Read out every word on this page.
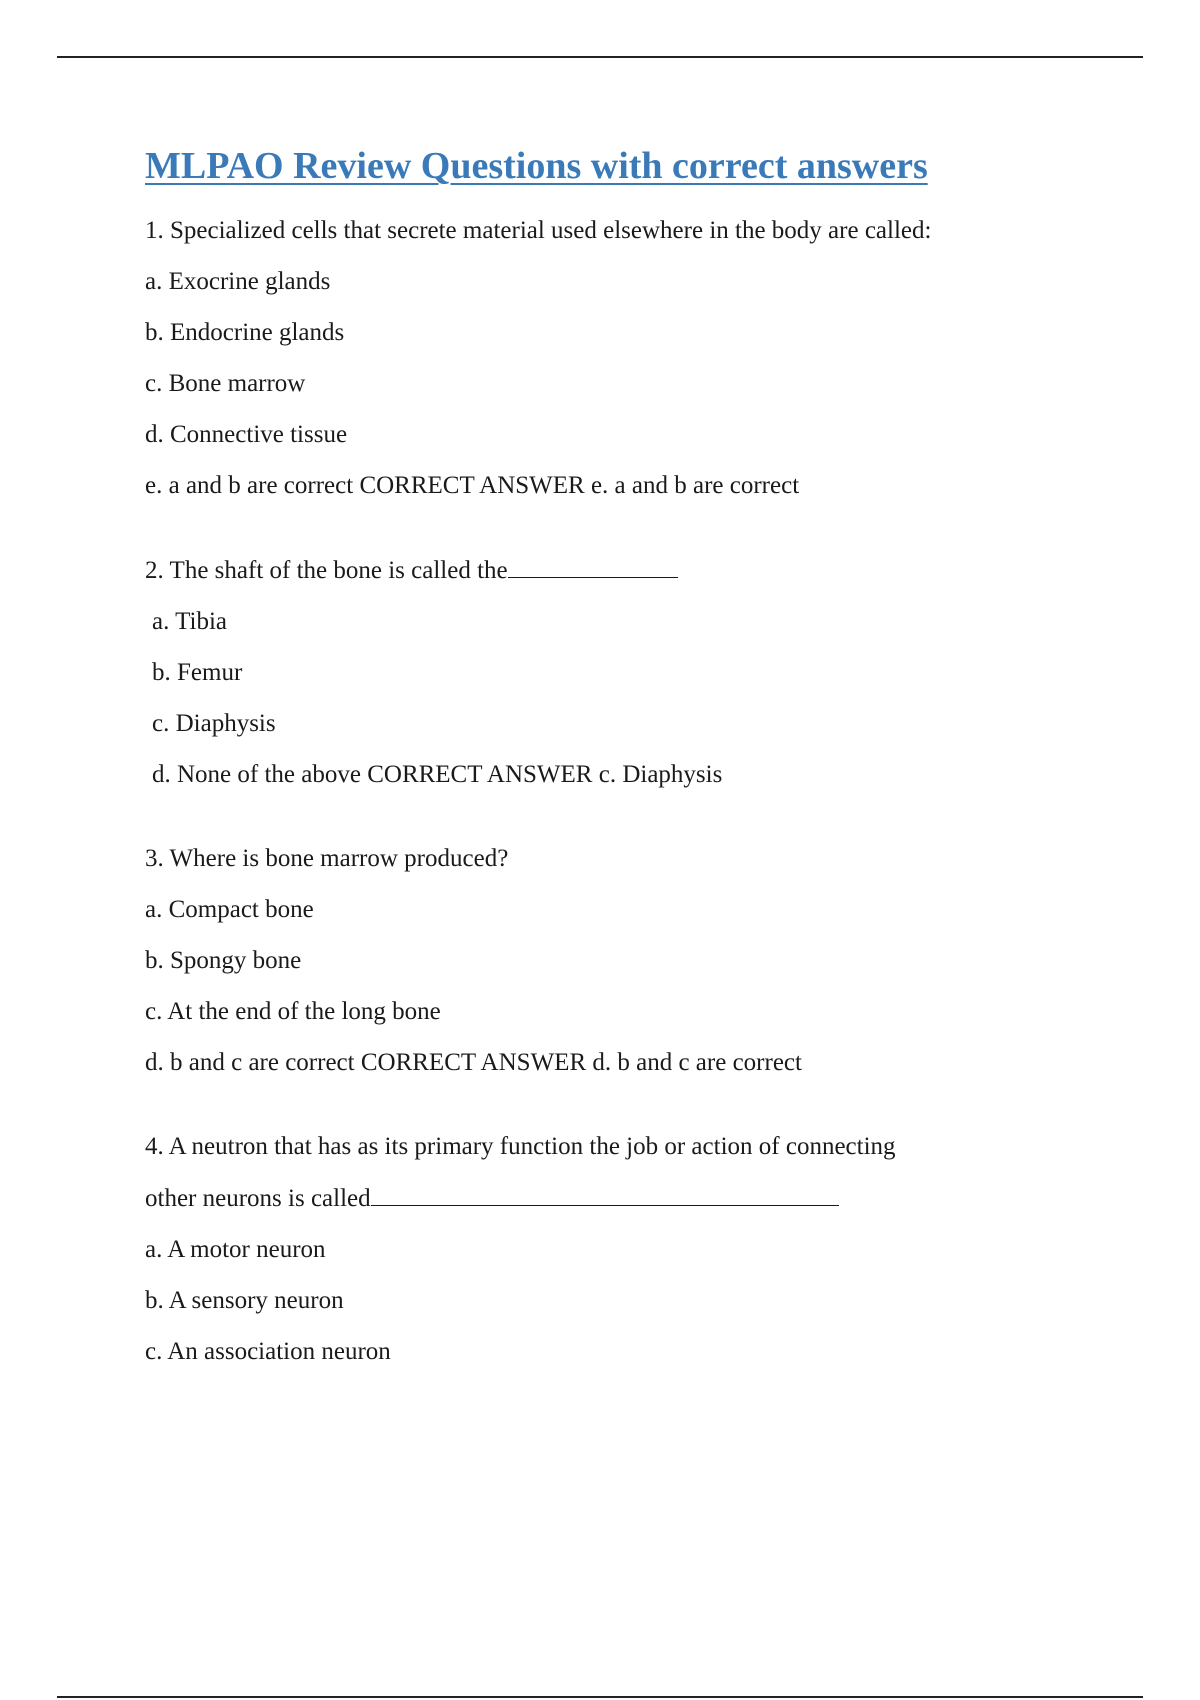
MLPAO Review Questions with correct answers
1. Specialized cells that secrete material used elsewhere in the body are called:
a. Exocrine glands
b. Endocrine glands
c. Bone marrow
d. Connective tissue
e. a and b are correct CORRECT ANSWER e. a and b are correct
2. The shaft of the bone is called the
a. Tibia
b. Femur
c. Diaphysis
d. None of the above CORRECT ANSWER c. Diaphysis
3. Where is bone marrow produced?
a. Compact bone
b. Spongy bone
c. At the end of the long bone
d. b and c are correct CORRECT ANSWER d. b and c are correct
4. A neutron that has as its primary function the job or action of connecting
other neurons is called
a. A motor neuron
b. A sensory neuron
c. An association neuron
